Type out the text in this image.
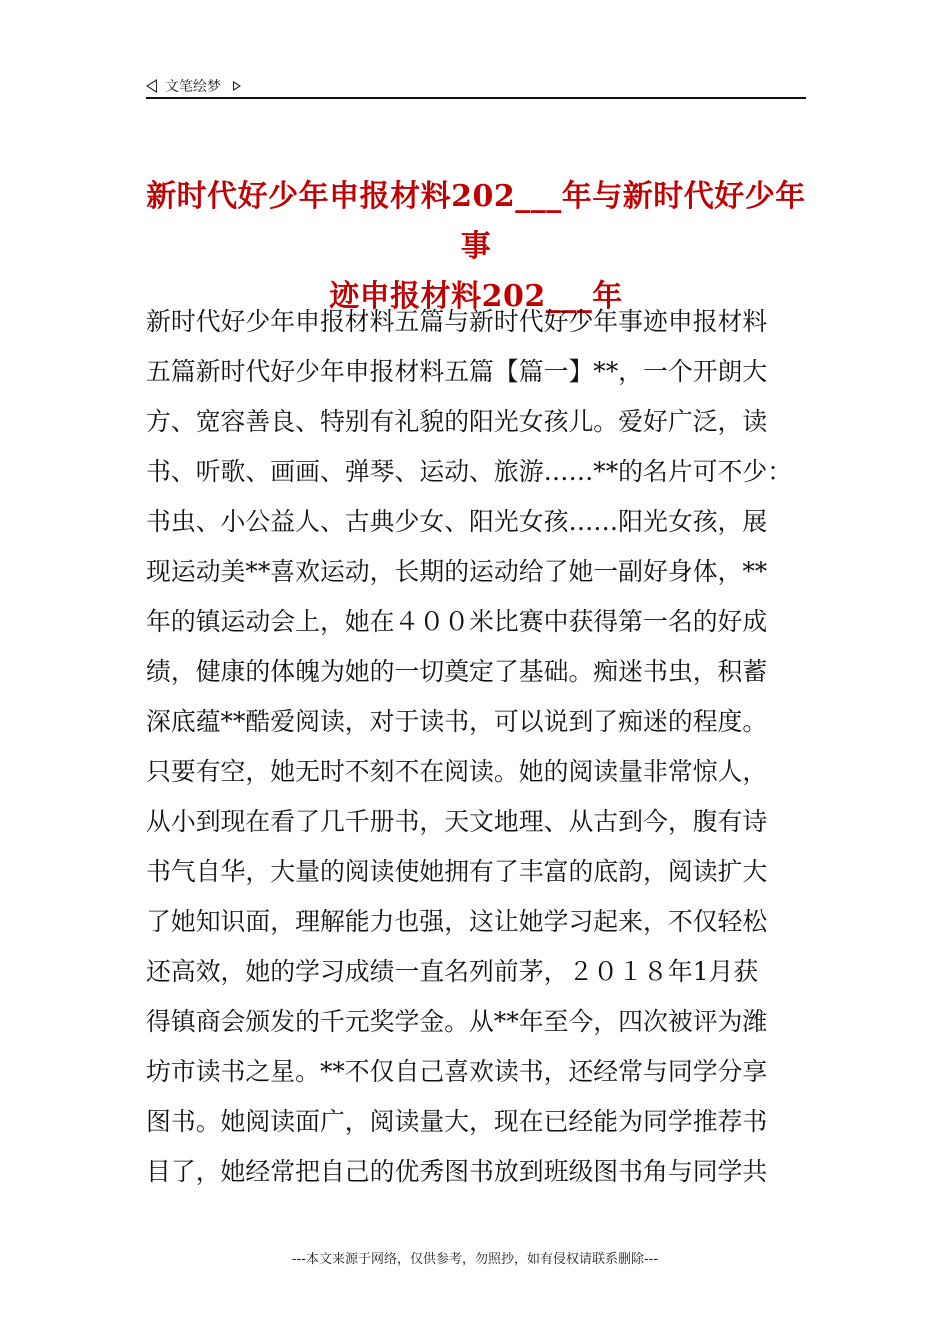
文笔绘梦
新时代好少年申报材料202___年与新时代好少年事
迹申报材料202___年
新时代好少年申报材料五篇与新时代好少年事迹申报材料五篇新时代好少年申报材料五篇【篇一】**，一个开朗大方、宽容善良、特别有礼貌的阳光女孩儿。爱好广泛，读书、听歌、画画、弹琴、运动、旅游……**的名片可不少：书虫、小公益人、古典少女、阳光女孩……阳光女孩，展现运动美**喜欢运动，长期的运动给了她一副好身体，**年的镇运动会上，她在４００米比赛中获得第一名的好成绩，健康的体魄为她的一切奠定了基础。痴迷书虫，积蓄深底蕴**酷爱阅读，对于读书，可以说到了痴迷的程度。只要有空，她无时不刻不在阅读。她的阅读量非常惊人，从小到现在看了几千册书，天文地理、从古到今，腹有诗书气自华，大量的阅读使她拥有了丰富的底韵，阅读扩大了她知识面，理解能力也强，这让她学习起来，不仅轻松还高效，她的学习成绩一直名列前茅，２０１８年1月获得镇商会颁发的千元奖学金。从**年至今，四次被评为潍坊市读书之星。**不仅自己喜欢读书，还经常与同学分享图书。她阅读面广，阅读量大，现在已经能为同学推荐书目了，她经常把自己的优秀图书放到班级图书角与同学共
---本文来源于网络，仅供参考，勿照抄，如有侵权请联系删除---
